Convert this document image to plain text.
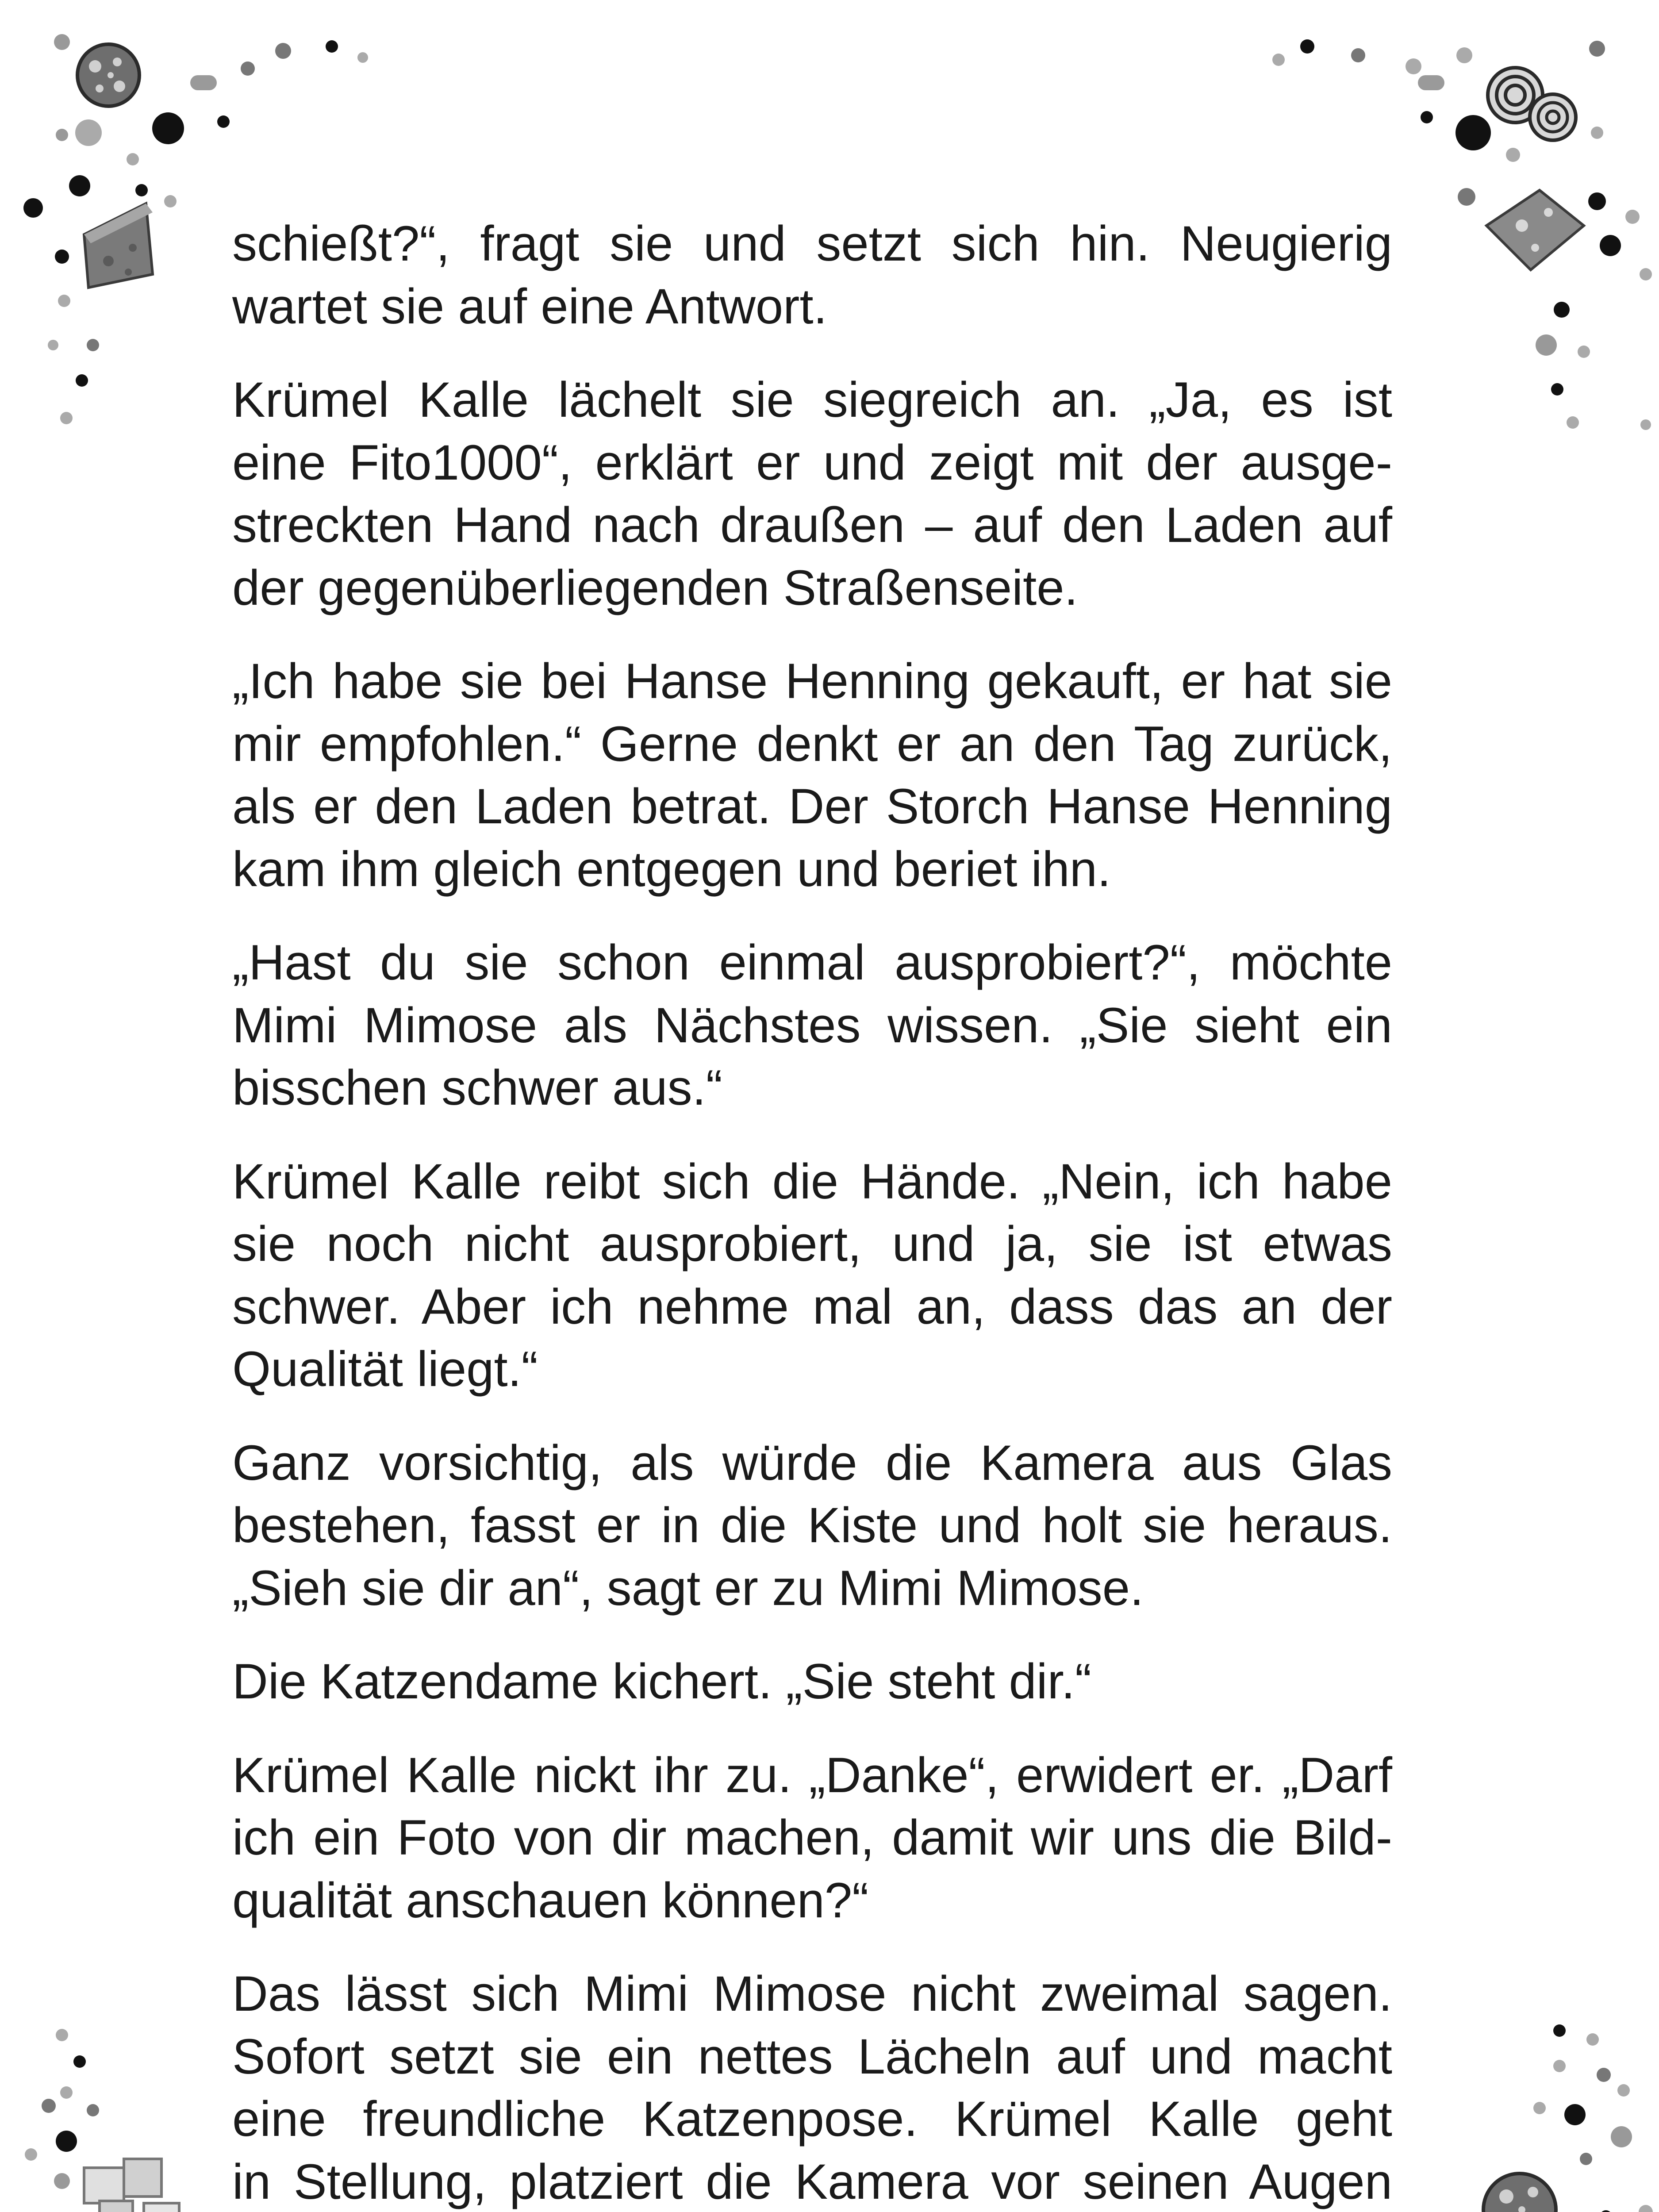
schießt?“, fragt sie und setzt sich hin. Neugierig
wartet sie auf eine Antwort.

Krümel Kalle lächelt sie siegreich an. „Ja, es ist
eine Fito1000“, erklärt er und zeigt mit der ausge-
streckten Hand nach draußen – auf den Laden auf
der gegenüberliegenden Straßenseite.

„Ich habe sie bei Hanse Henning gekauft, er hat sie
mir empfohlen.“ Gerne denkt er an den Tag zurück,
als er den Laden betrat. Der Storch Hanse Henning
kam ihm gleich entgegen und beriet ihn.

„Hast du sie schon einmal ausprobiert?“, möchte
Mimi Mimose als Nächstes wissen. „Sie sieht ein
bisschen schwer aus.“

Krümel Kalle reibt sich die Hände. „Nein, ich habe
sie noch nicht ausprobiert, und ja, sie ist etwas
schwer. Aber ich nehme mal an, dass das an der
Qualität liegt.“

Ganz vorsichtig, als würde die Kamera aus Glas
bestehen, fasst er in die Kiste und holt sie heraus.
„Sieh sie dir an“, sagt er zu Mimi Mimose.

Die Katzendame kichert. „Sie steht dir.“

Krümel Kalle nickt ihr zu. „Danke“, erwidert er. „Darf
ich ein Foto von dir machen, damit wir uns die Bild-
qualität anschauen können?“

Das lässt sich Mimi Mimose nicht zweimal sagen.
Sofort setzt sie ein nettes Lächeln auf und macht
eine freundliche Katzenpose. Krümel Kalle geht
in Stellung, platziert die Kamera vor seinen Augen
